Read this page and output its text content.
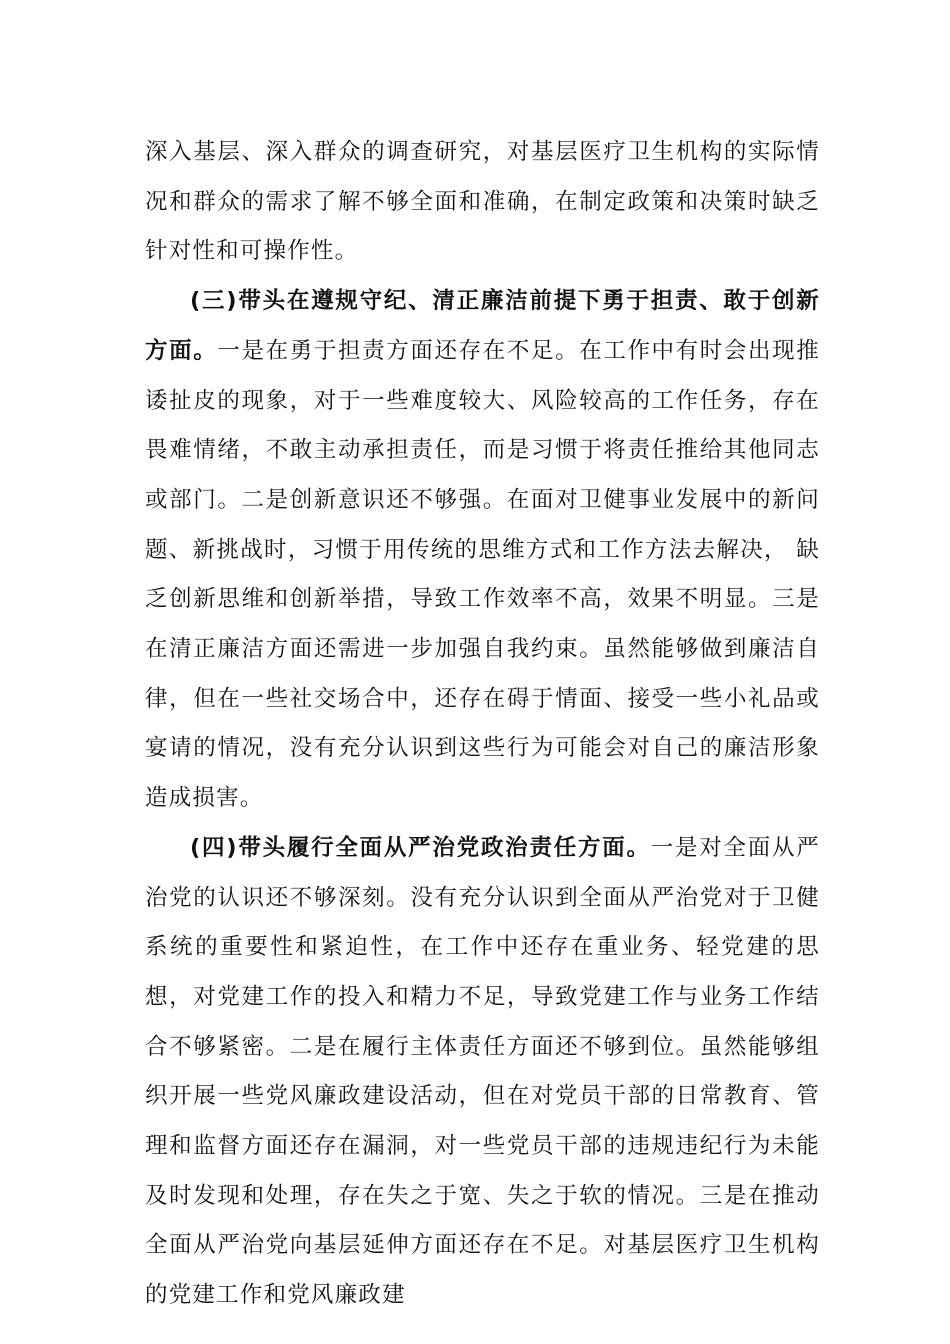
深入基层、深入群众的调查研究，对基层医疗卫生机构的实际情况和群众的需求了解不够全面和准确，在制定政策和决策时缺乏针对性和可操作性。

(三)带头在遵规守纪、清正廉洁前提下勇于担责、敢于创新方面。一是在勇于担责方面还存在不足。在工作中有时会出现推诿扯皮的现象，对于一些难度较大、风险较高的工作任务，存在畏难情绪，不敢主动承担责任，而是习惯于将责任推给其他同志或部门。二是创新意识还不够强。在面对卫健事业发展中的新问题、新挑战时，习惯于用传统的思维方式和工作方法去解决， 缺乏创新思维和创新举措，导致工作效率不高，效果不明显。三是在清正廉洁方面还需进一步加强自我约束。虽然能够做到廉洁自律，但在一些社交场合中，还存在碍于情面、接受一些小礼品或宴请的情况，没有充分认识到这些行为可能会对自己的廉洁形象造成损害。

(四)带头履行全面从严治党政治责任方面。一是对全面从严治党的认识还不够深刻。没有充分认识到全面从严治党对于卫健系统的重要性和紧迫性，在工作中还存在重业务、轻党建的思想，对党建工作的投入和精力不足，导致党建工作与业务工作结合不够紧密。二是在履行主体责任方面还不够到位。虽然能够组织开展一些党风廉政建设活动，但在对党员干部的日常教育、管理和监督方面还存在漏洞，对一些党员干部的违规违纪行为未能及时发现和处理，存在失之于宽、失之于软的情况。三是在推动全面从严治党向基层延伸方面还存在不足。对基层医疗卫生机构的党建工作和党风廉政建
